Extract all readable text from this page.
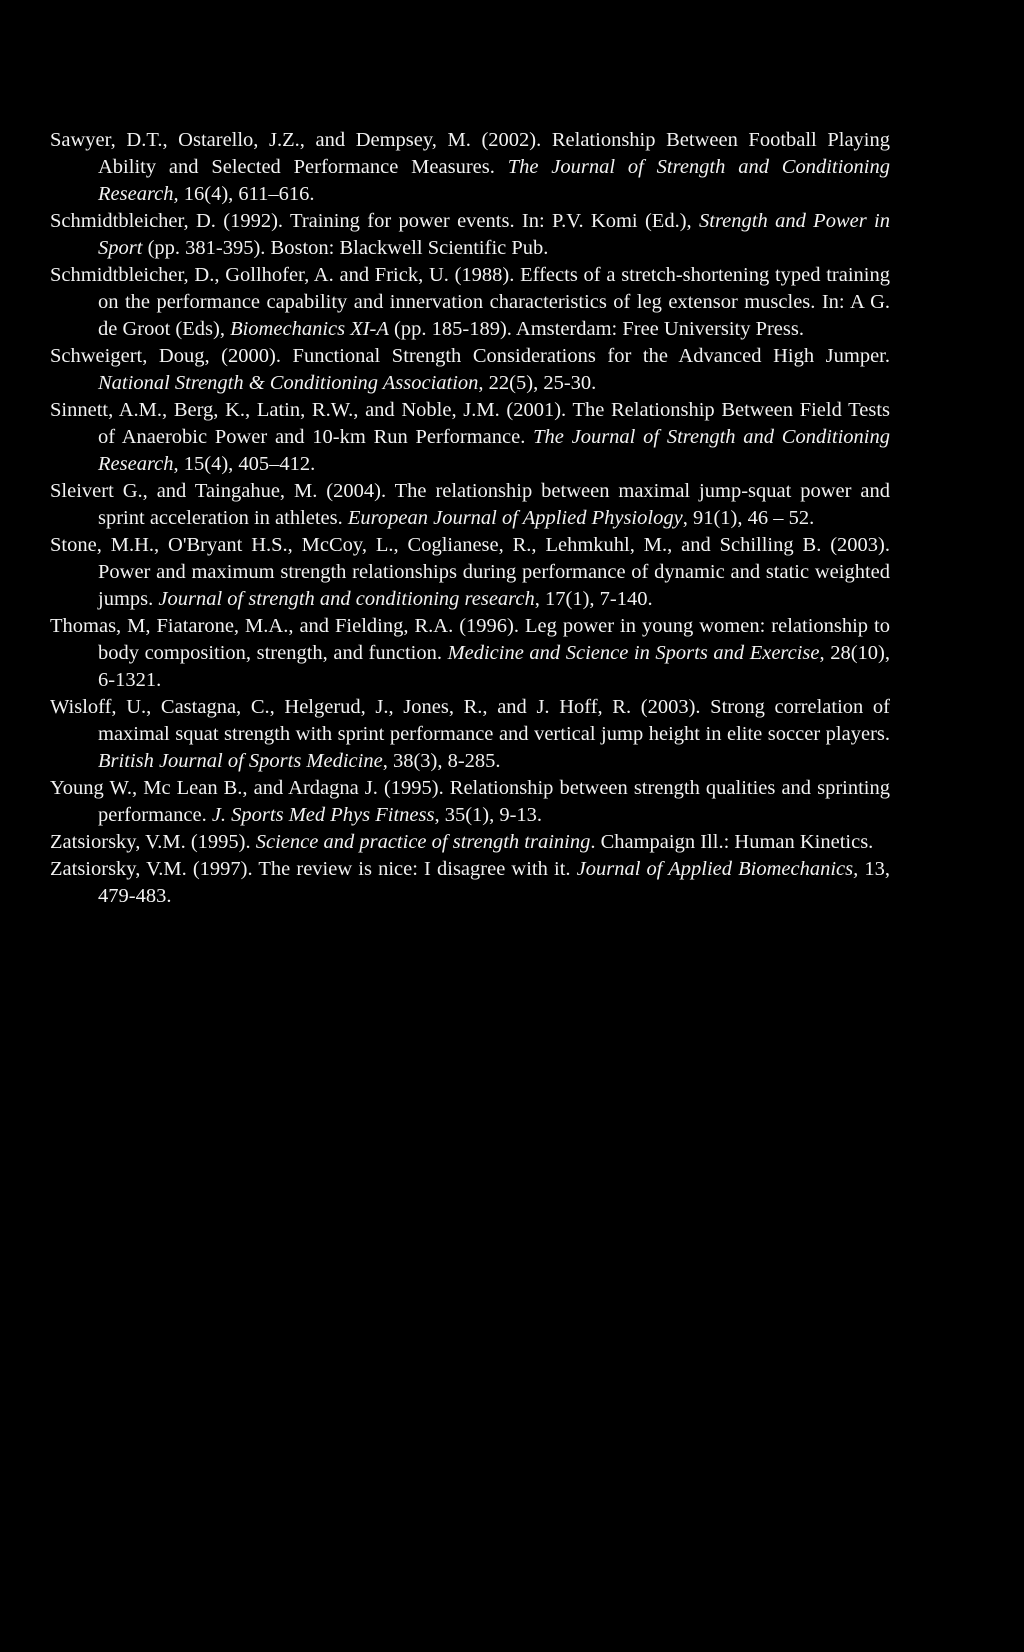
Sawyer, D.T., Ostarello, J.Z., and Dempsey, M. (2002). Relationship Between Football Playing Ability and Selected Performance Measures. The Journal of Strength and Conditioning Research, 16(4), 611–616.

Schmidtbleicher, D. (1992). Training for power events. In: P.V. Komi (Ed.), Strength and Power in Sport (pp. 381-395). Boston: Blackwell Scientific Pub.

Schmidtbleicher, D., Gollhofer, A. and Frick, U. (1988). Effects of a stretch-shortening typed training on the performance capability and innervation characteristics of leg extensor muscles. In: A G. de Groot (Eds), Biomechanics XI-A (pp. 185-189). Amsterdam: Free University Press.

Schweigert, Doug, (2000). Functional Strength Considerations for the Advanced High Jumper. National Strength & Conditioning Association, 22(5), 25-30.

Sinnett, A.M., Berg, K., Latin, R.W., and Noble, J.M. (2001). The Relationship Between Field Tests of Anaerobic Power and 10-km Run Performance. The Journal of Strength and Conditioning Research, 15(4), 405–412.

Sleivert G., and Taingahue, M. (2004). The relationship between maximal jump-squat power and sprint acceleration in athletes. European Journal of Applied Physiology, 91(1), 46 – 52.

Stone, M.H., O'Bryant H.S., McCoy, L., Coglianese, R., Lehmkuhl, M., and Schilling B. (2003). Power and maximum strength relationships during performance of dynamic and static weighted jumps. Journal of strength and conditioning research, 17(1), 7-140.

Thomas, M, Fiatarone, M.A., and Fielding, R.A. (1996). Leg power in young women: relationship to body composition, strength, and function. Medicine and Science in Sports and Exercise, 28(10), 6-1321.

Wisloff, U., Castagna, C., Helgerud, J., Jones, R., and J. Hoff, R. (2003). Strong correlation of maximal squat strength with sprint performance and vertical jump height in elite soccer players. British Journal of Sports Medicine, 38(3), 8-285.

Young W., Mc Lean B., and Ardagna J. (1995). Relationship between strength qualities and sprinting performance. J. Sports Med Phys Fitness, 35(1), 9-13.

Zatsiorsky, V.M. (1995). Science and practice of strength training. Champaign Ill.: Human Kinetics.

Zatsiorsky, V.M. (1997). The review is nice: I disagree with it. Journal of Applied Biomechanics, 13, 479-483.
